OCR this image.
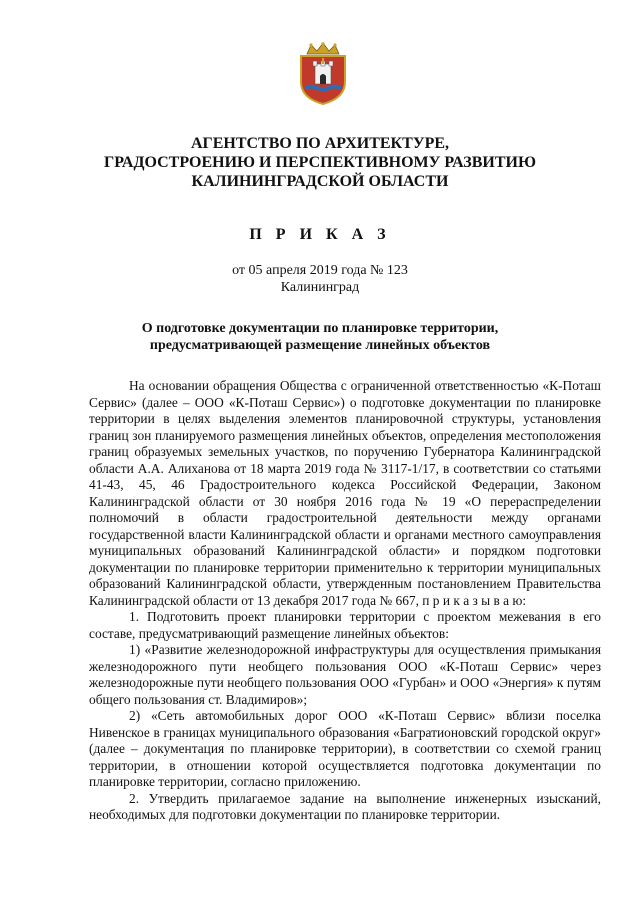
АГЕНТСТВО ПО АРХИТЕКТУРЕ,
ГРАДОСТРОЕНИЮ И ПЕРСПЕКТИВНОМУ РАЗВИТИЮ
КАЛИНИНГРАДСКОЙ ОБЛАСТИ
П Р И К А З
от 05 апреля 2019 года № 123
Калининград
О подготовке документации по планировке территории,
предусматривающей размещение линейных объектов

На основании обращения Общества с ограниченной ответственностью «К-Поташ Сервис» (далее – ООО «К-Поташ Сервис») о подготовке документации по планировке территории в целях выделения элементов планировочной структуры, установления границ зон планируемого размещения линейных объектов, определения местоположения границ образуемых земельных участков, по поручению Губернатора Калининградской области А.А. Алиханова от 18 марта 2019 года № 3117-1/17, в соответствии со статьями 41-43, 45, 46 Градостроительного кодекса Российской Федерации, Законом Калининградской области от 30 ноября 2016 года № 19 «О перераспределении полномочий в области градостроительной деятельности между органами государственной власти Калининградской области и органами местного самоуправления муниципальных образований Калининградской области» и порядком подготовки документации по планировке территории применительно к территории муниципальных образований Калининградской области, утвержденным постановлением Правительства Калининградской области от 13 декабря 2017 года № 667, п р и к а з ы в а ю:

1. Подготовить проект планировки территории с проектом межевания в его составе, предусматривающий размещение линейных объектов:

1) «Развитие железнодорожной инфраструктуры для осуществления примыкания железнодорожного пути необщего пользования ООО «К-Поташ Сервис» через железнодорожные пути необщего пользования ООО «Гурбан» и ООО «Энергия» к путям общего пользования ст. Владимиров»;

2) «Сеть автомобильных дорог ООО «К-Поташ Сервис» вблизи поселка Нивенское в границах муниципального образования «Багратионовский городской округ» (далее – документация по планировке территории), в соответствии со схемой границ территории, в отношении которой осуществляется подготовка документации по планировке территории, согласно приложению.

2. Утвердить прилагаемое задание на выполнение инженерных изысканий, необходимых для подготовки документации по планировке территории.
